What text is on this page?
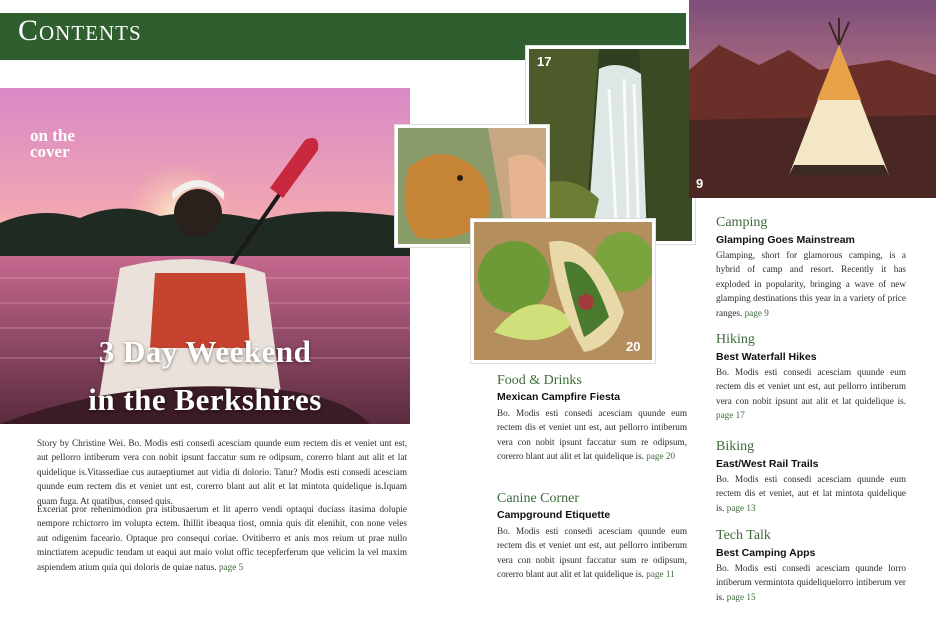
Contents
on the cover
3 Day Weekend
in the Berkshires
Story by Christine Wei. Bo. Modis esti consedi acesciam quunde eum rectem dis et veniet unt est, aut pellorro intiberum vera con nobit ipsunt faccatur sum re odipsum, corerro blant aut alit et lat quidelique is.Vitassediae cus autaeptiumet aut vidia di dolorio. Tatur? Modis esti consedi acesciam quunde eum rectem dis et veniet unt est, corerro blant aut alit et lat mintota quidelique is.Iquam quam fuga. At quatibus, consed quis.
Exceriat pror rehenimodion pra istibusaerum et lit aperro vendi optaqui duciass itasima dolupie nempore rchictorro im volupta ectem. Ihillit ibeaqua tiost, omnia quis dit elenihit, con none veles aut odigenim faceario. Optaque pro consequi coriae. Ovitiberro et anis mos reium ut prae nullo minctiatem acepudic tendam ut eaqui aut maio volut offic tecepferferum que velicim la vel maxim aspiendem atium quia qui doloris de quiae natus. page 5
17
9
20
Food & Drinks
Mexican Campfire Fiesta
Bo. Modis esti consedi acesciam quunde eum rectem dis et veniet unt est, aut pellorro intiberum vera con nobit ipsunt faccatur sum re odipsum, corerro blant aut alit et lat quidelique is. page 20
Canine Corner
Campground Etiquette
Bo. Modis esti consedi acesciam quunde eum rectem dis et veniet unt est, aut pellorro intiberum vera con nobit ipsunt faccatur sum re odipsum, corerro blant aut alit et lat quidelique is. page 11
Camping
Glamping Goes Mainstream
Glamping, short for glamorous camping, is a hybrid of camp and resort. Recently it has exploded in popularity, bringing a wave of new glamping destinations this year in a variety of price ranges. page 9
Hiking
Best Waterfall Hikes
Bo. Modis esti consedi acesciam quunde eum rectem dis et veniet unt est, aut pellorro intiberum vera con nobit ipsunt aut alit et lat quidelique is. page 17
Biking
East/West Rail Trails
Bo. Modis esti consedi acesciam quunde eum rectem dis et veniet, aut et lat mintota quidelique is. page 13
Tech Talk
Best Camping Apps
Bo. Modis esti consedi acesciam quunde lorro intiberum vermintota quideliquelorro intiberum ver is. page 15
